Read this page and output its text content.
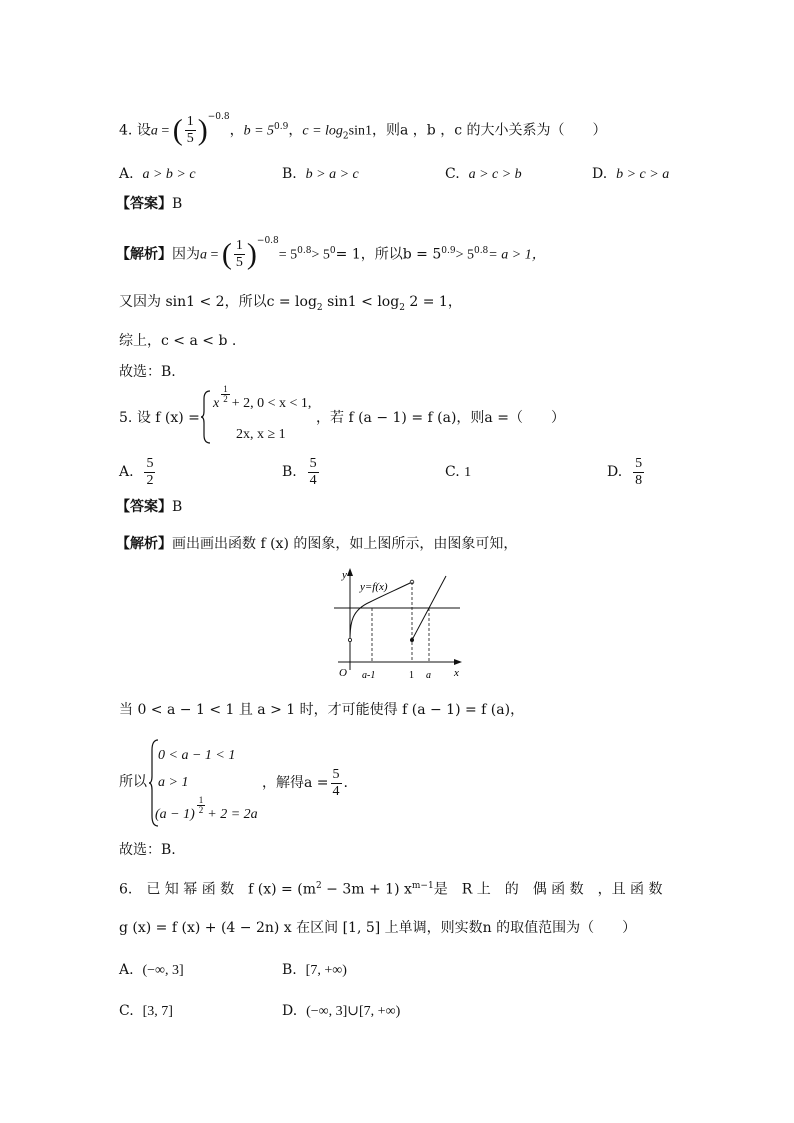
4. 设a = ( $\frac{1}{5} )^{-0.8}$，$b = 5^{0.9}$，$c = \log_2\sin 1$，则a ，b ，c 的大小关系为（　　）
A. a > b > c	B. b > a > c	C. a > c > b	D. b > c > a
【答案】B
【解析】因为a = ( $\frac{1}{5} )^{-0.8}= 5^{0.8}> 5^0= 1$，所以$b = 5^{0.9}> 5^{0.8}= a > 1$，
又因为 sin1 < 2，所以$c = \log_2 \sin 1 < \log_2 2 = 1$，
综上，c < a < b .
故选：B.
5. 设 f (x) =
x $\frac{1}{2} + 2$, 0 < x < 1,
2x, x ≥ 1
，若 f (a − 1) = f (a)，则a =（　　）
A. $\frac{5}{2}$	B. $\frac{5}{4}$	C. 1	D. $\frac{5}{8}$
【答案】B
【解析】画出画出函数 f (x) 的图象，如上图所示，由图象可知，
y
y=f(x)
O	x
a-1	1 a
当 0 < a − 1 < 1 且 a > 1 时，才可能使得 f (a − 1) = f (a)，
所以
0 < a − 1 < 1
a > 1
$(a - 1) \frac{1}{2} + 2 = 2a$
，解得$a = \frac{5}{4}$ .
故选：B.
6.　已 知 幂 函 数　f $(x) = (m^2 - 3m + 1)$ $x^{m-1}$是　R 上　的　偶 函 数　，且 函 数
g (x) = f (x) + (4 − 2n) x 在区间 [1, 5] 上单调，则实数n 的取值范围为（　　）
A. (−∞, 3]	B. [7, +∞)
C. [3, 7]	D. (−∞, 3]∪[7, +∞)
